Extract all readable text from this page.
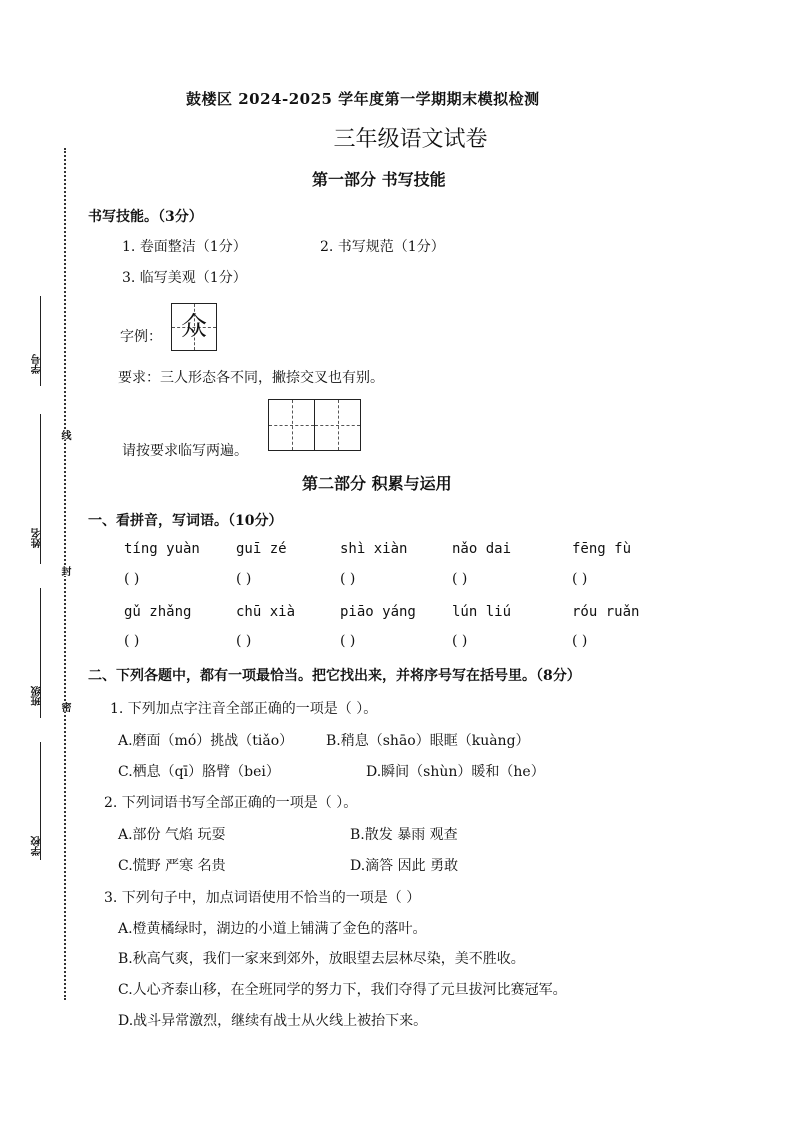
学号
姓名
班级
学校
线
封
密
鼓楼区 2024-2025 学年度第一学期期末模拟检测
三年级语文试卷
第一部分 书写技能
书写技能。（3分）
1. 卷面整洁（1分）	2. 书写规范（1分）
3. 临写美观（1分）
字例： 众
要求：三人形态各不同，撇捺交叉也有别。
请按要求临写两遍。
第二部分 积累与运用
一、看拼音，写词语。（10分）
tíng yuàn	guī zé	shì xiàn	nǎo dai	fēng fù
( )	( )	( )	( )	( )
gǔ zhǎng	chū xià	piāo yáng	lún liú	róu ruǎn
( )	( )	( )	( )	( )
二、下列各题中，都有一项最恰当。把它找出来，并将序号写在括号里。（8分）
1. 下列加点字注音全部正确的一项是（ ）。
A.磨面（mó）挑战（tiǎo） B.稍息（shāo）眼眶（kuàng）
C.栖息（qī）胳臂（bei）	D.瞬间（shùn）暖和（he）
2. 下列词语书写全部正确的一项是（ ）。
A.部份 气焰 玩耍	B.散发 暴雨 观查
C.慌野 严寒 名贵	D.滴答 因此 勇敢
3. 下列句子中，加点词语使用不恰当的一项是（ ）
A.橙黄橘绿时，湖边的小道上铺满了金色的落叶。
B.秋高气爽，我们一家来到郊外，放眼望去层林尽染，美不胜收。
C.人心齐泰山移，在全班同学的努力下，我们夺得了元旦拔河比赛冠军。
D.战斗异常激烈，继续有战士从火线上被抬下来。
